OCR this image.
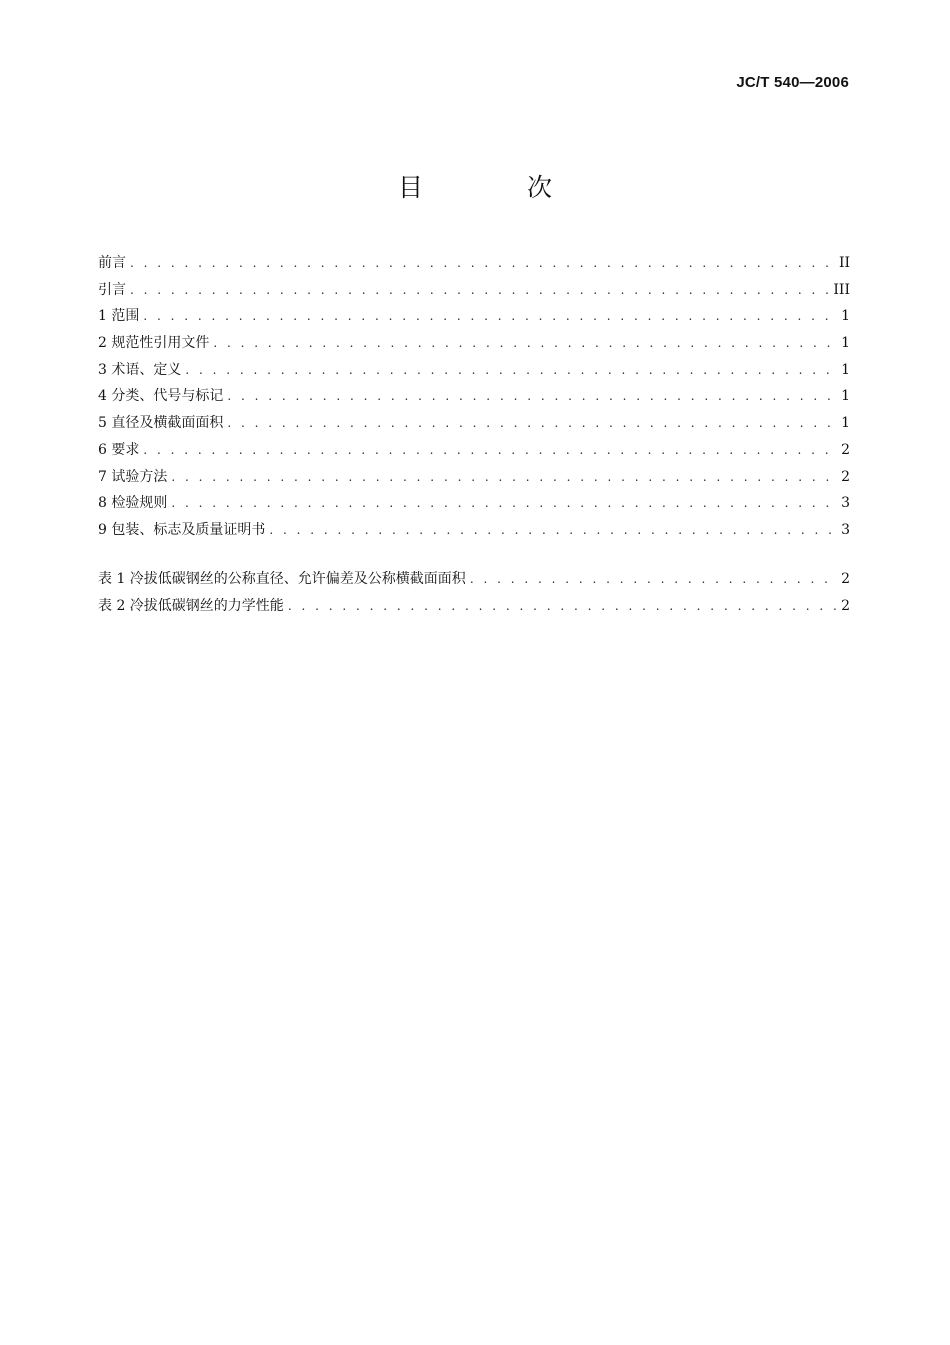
JC/T 540—2006
目 次
前言 . . .	II
引言 . . .	III
1 范围 . . .	1
2 规范性引用文件 . . .	1
3 术语、定义 . . .	1
4 分类、代号与标记 . . .	1
5 直径及横截面面积 . . .	1
6 要求 . . .	2
7 试验方法 . . .	2
8 检验规则 . . .	3
9 包装、标志及质量证明书 . . .	3
表 1 冷拔低碳钢丝的公称直径、允许偏差及公称横截面面积 . . .	2
表 2 冷拔低碳钢丝的力学性能 . . .	2
